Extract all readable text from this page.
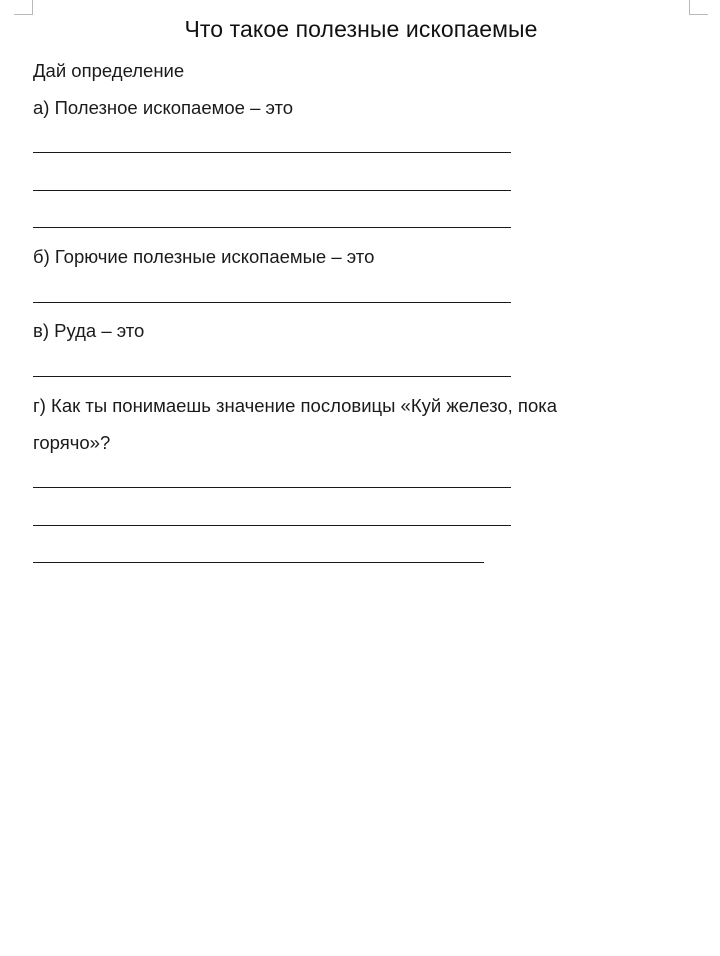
Что такое полезные ископаемые
Дай определение
а) Полезное ископаемое – это
б) Горючие полезные ископаемые – это
в) Руда – это
г) Как ты понимаешь значение пословицы «Куй железо, пока
горячо»?
